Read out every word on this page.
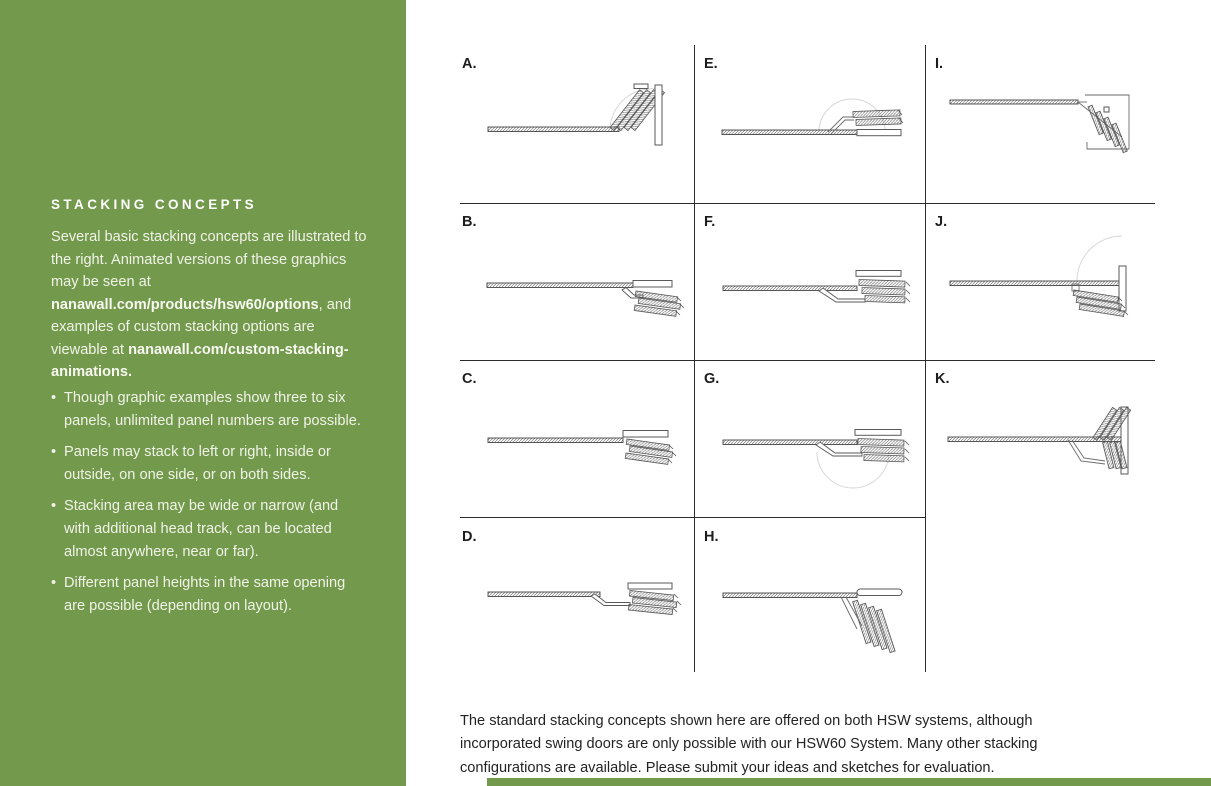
STACKING CONCEPTS
Several basic stacking concepts are illustrated to the right. Animated versions of these graphics may be seen at nanawall.com/products/hsw60/options, and examples of custom stacking options are viewable at nanawall.com/custom-stacking-animations.
• Though graphic examples show three to six panels, unlimited panel numbers are possible.
• Panels may stack to left or right, inside or outside, on one side, or on both sides.
• Stacking area may be wide or narrow (and with additional head track, can be located almost anywhere, near or far).
• Different panel heights in the same opening are possible (depending on layout).
A.
B.
C.
D.
E.
F.
G.
H.
I.
J.
K.
The standard stacking concepts shown here are offered on both HSW systems, although incorporated swing doors are only possible with our HSW60 System. Many other stacking configurations are available. Please submit your ideas and sketches for evaluation.
